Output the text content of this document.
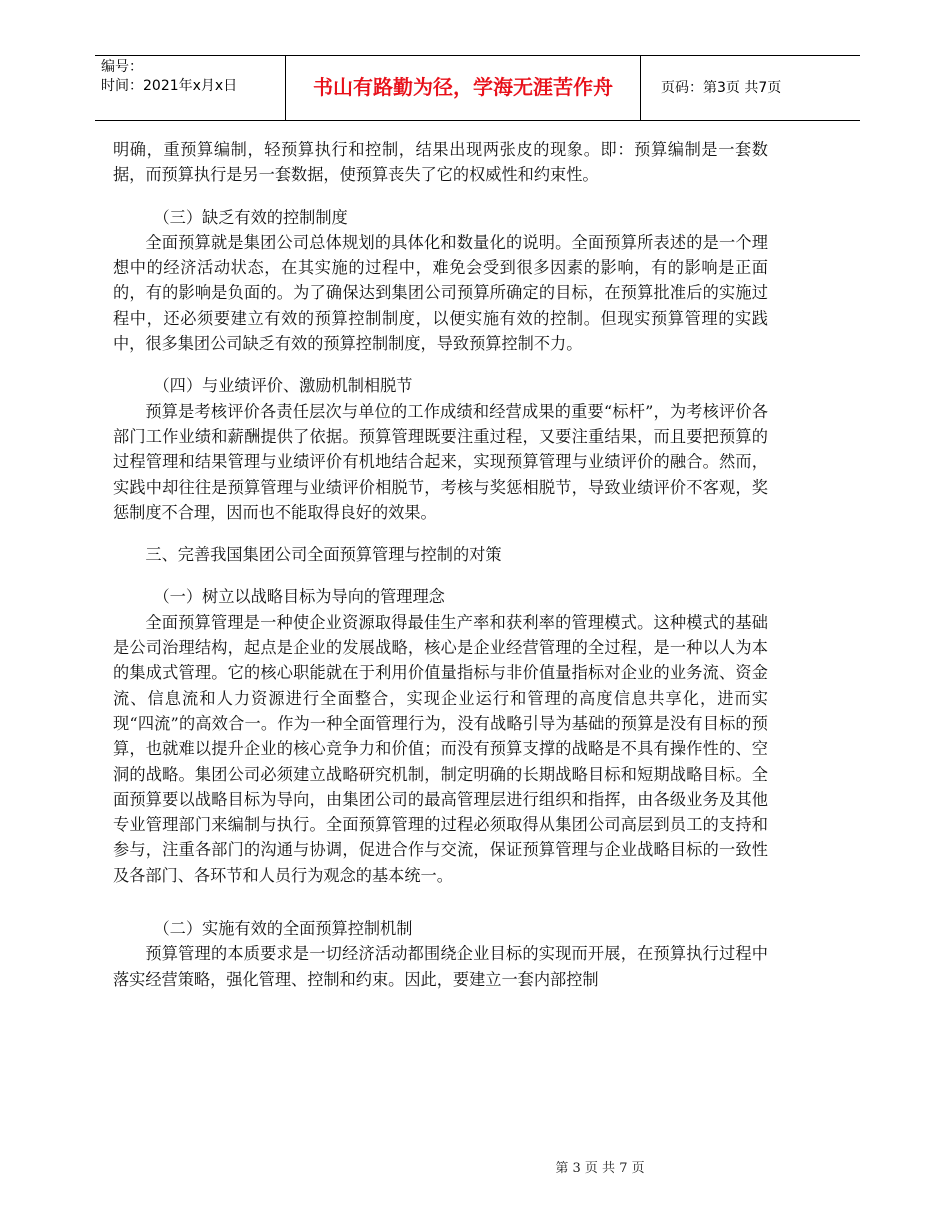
编号：
时间：2021年x月x日	书山有路勤为径，学海无涯苦作舟	页码：第3页 共7页

明确，重预算编制，轻预算执行和控制，结果出现两张皮的现象。即：预算编制是一套数据，而预算执行是另一套数据，使预算丧失了它的权威性和约束性。

（三）缺乏有效的控制制度

全面预算就是集团公司总体规划的具体化和数量化的说明。全面预算所表述的是一个理想中的经济活动状态，在其实施的过程中，难免会受到很多因素的影响，有的影响是正面的，有的影响是负面的。为了确保达到集团公司预算所确定的目标，在预算批准后的实施过程中，还必须要建立有效的预算控制制度，以便实施有效的控制。但现实预算管理的实践中，很多集团公司缺乏有效的预算控制制度，导致预算控制不力。

（四）与业绩评价、激励机制相脱节

预算是考核评价各责任层次与单位的工作成绩和经营成果的重要“标杆”，为考核评价各部门工作业绩和薪酬提供了依据。预算管理既要注重过程，又要注重结果，而且要把预算的过程管理和结果管理与业绩评价有机地结合起来，实现预算管理与业绩评价的融合。然而，实践中却往往是预算管理与业绩评价相脱节，考核与奖惩相脱节，导致业绩评价不客观，奖惩制度不合理，因而也不能取得良好的效果。

三、完善我国集团公司全面预算管理与控制的对策

（一）树立以战略目标为导向的管理理念

全面预算管理是一种使企业资源取得最佳生产率和获利率的管理模式。这种模式的基础是公司治理结构，起点是企业的发展战略，核心是企业经营管理的全过程，是一种以人为本的集成式管理。它的核心职能就在于利用价值量指标与非价值量指标对企业的业务流、资金流、信息流和人力资源进行全面整合，实现企业运行和管理的高度信息共享化，进而实现“四流”的高效合一。作为一种全面管理行为，没有战略引导为基础的预算是没有目标的预算，也就难以提升企业的核心竞争力和价值；而没有预算支撑的战略是不具有操作性的、空洞的战略。集团公司必须建立战略研究机制，制定明确的长期战略目标和短期战略目标。全面预算要以战略目标为导向，由集团公司的最高管理层进行组织和指挥，由各级业务及其他专业管理部门来编制与执行。全面预算管理的过程必须取得从集团公司高层到员工的支持和参与，注重各部门的沟通与协调，促进合作与交流，保证预算管理与企业战略目标的一致性及各部门、各环节和人员行为观念的基本统一。

（二）实施有效的全面预算控制机制

预算管理的本质要求是一切经济活动都围绕企业目标的实现而开展，在预算执行过程中落实经营策略，强化管理、控制和约束。因此，要建立一套内部控制

第 3 页 共 7 页
